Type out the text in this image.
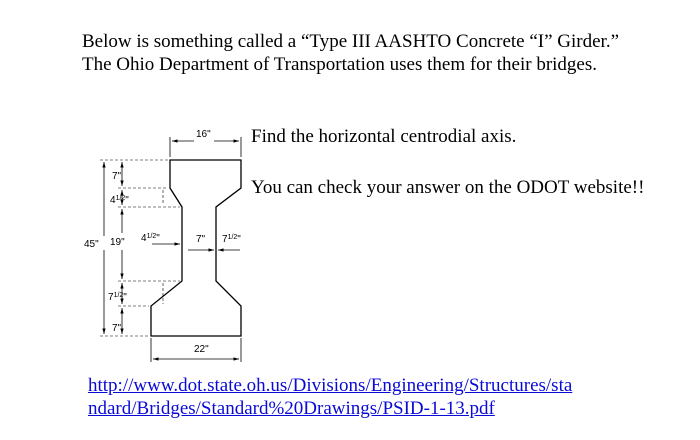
Below is something called a “Type III AASHTO Concrete “I” Girder.” The Ohio Department of Transportation uses them for their bridges.

16"
22"
45"
7"
$4^{1/2}$"
19"
$7^{1/2}$"
7"
$4^{1/2}$"	7" $7^{1/2}$"

Find the horizontal centrodial axis.

You can check your answer on the ODOT website!!

http://www.dot.state.oh.us/Divisions/Engineering/Structures/sta
ndard/Bridges/Standard%20Drawings/PSID-1-13.pdf
